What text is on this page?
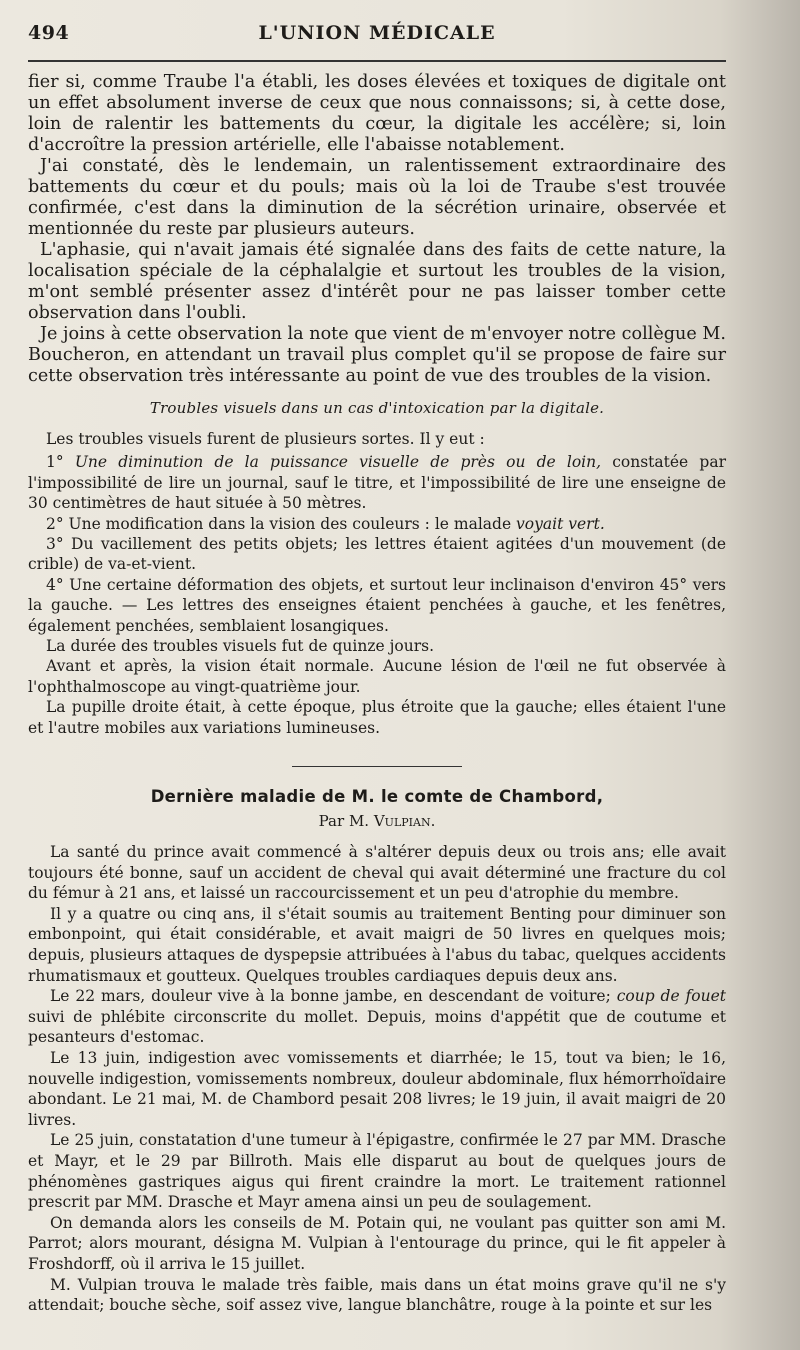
494	L'UNION MÉDICALE

fier si, comme Traube l'a établi, les doses élevées et toxiques de digitale ont un effet absolument inverse de ceux que nous connaissons; si, à cette dose, loin de ralentir les battements du cœur, la digitale les accélère; si, loin d'accroître la pression artérielle, elle l'abaisse notablement.

J'ai constaté, dès le lendemain, un ralentissement extraordinaire des battements du cœur et du pouls; mais où la loi de Traube s'est trouvée confirmée, c'est dans la diminution de la sécrétion urinaire, observée et mentionnée du reste par plusieurs auteurs.

L'aphasie, qui n'avait jamais été signalée dans des faits de cette nature, la localisation spéciale de la céphalalgie et surtout les troubles de la vision, m'ont semblé présenter assez d'intérêt pour ne pas laisser tomber cette observation dans l'oubli.

Je joins à cette observation la note que vient de m'envoyer notre collègue M. Boucheron, en attendant un travail plus complet qu'il se propose de faire sur cette observation très intéressante au point de vue des troubles de la vision.

Troubles visuels dans un cas d'intoxication par la digitale.

Les troubles visuels furent de plusieurs sortes. Il y eut :

1° Une diminution de la puissance visuelle de près ou de loin, constatée par l'impossibilité de lire un journal, sauf le titre, et l'impossibilité de lire une enseigne de 30 centimètres de haut située à 50 mètres.

2° Une modification dans la vision des couleurs : le malade voyait vert.

3° Du vacillement des petits objets; les lettres étaient agitées d'un mouvement (de crible) de va-et-vient.

4° Une certaine déformation des objets, et surtout leur inclinaison d'environ 45° vers la gauche. — Les lettres des enseignes étaient penchées à gauche, et les fenêtres, également penchées, semblaient losangiques.

La durée des troubles visuels fut de quinze jours.

Avant et après, la vision était normale. Aucune lésion de l'œil ne fut observée à l'ophthalmoscope au vingt-quatrième jour.

La pupille droite était, à cette époque, plus étroite que la gauche; elles étaient l'une et l'autre mobiles aux variations lumineuses.

Dernière maladie de M. le comte de Chambord,
Par M. Vulpian.

La santé du prince avait commencé à s'altérer depuis deux ou trois ans; elle avait toujours été bonne, sauf un accident de cheval qui avait déterminé une fracture du col du fémur à 21 ans, et laissé un raccourcissement et un peu d'atrophie du membre.

Il y a quatre ou cinq ans, il s'était soumis au traitement Benting pour diminuer son embonpoint, qui était considérable, et avait maigri de 50 livres en quelques mois; depuis, plusieurs attaques de dyspepsie attribuées à l'abus du tabac, quelques accidents rhumatismaux et goutteux. Quelques troubles cardiaques depuis deux ans.

Le 22 mars, douleur vive à la bonne jambe, en descendant de voiture; coup de fouet suivi de phlébite circonscrite du mollet. Depuis, moins d'appétit que de coutume et pesanteurs d'estomac.

Le 13 juin, indigestion avec vomissements et diarrhée; le 15, tout va bien; le 16, nouvelle indigestion, vomissements nombreux, douleur abdominale, flux hémorrhoïdaire abondant. Le 21 mai, M. de Chambord pesait 208 livres; le 19 juin, il avait maigri de 20 livres.

Le 25 juin, constatation d'une tumeur à l'épigastre, confirmée le 27 par MM. Drasche et Mayr, et le 29 par Billroth. Mais elle disparut au bout de quelques jours de phénomènes gastriques aigus qui firent craindre la mort. Le traitement rationnel prescrit par MM. Drasche et Mayr amena ainsi un peu de soulagement.

On demanda alors les conseils de M. Potain qui, ne voulant pas quitter son ami M. Parrot; alors mourant, désigna M. Vulpian à l'entourage du prince, qui le fit appeler à Froshdorff, où il arriva le 15 juillet.

M. Vulpian trouva le malade très faible, mais dans un état moins grave qu'il ne s'y attendait; bouche sèche, soif assez vive, langue blanchâtre, rouge à la pointe et sur les
